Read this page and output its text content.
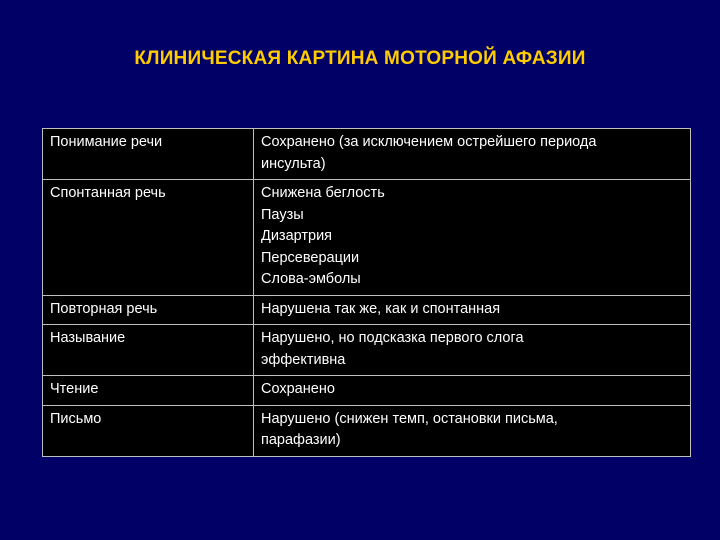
КЛИНИЧЕСКАЯ КАРТИНА МОТОРНОЙ АФАЗИИ
Понимание речи	Сохранено (за исключением острейшего периода
инсульта)

Спонтанная речь	Снижена беглость
Паузы
Дизартрия
Персеверации
Слова-эмболы

Повторная речь	Нарушена так же, как и спонтанная

Называние	Нарушено, но подсказка первого слога
эффективна

Чтение	Сохранено

Письмо	Нарушено (снижен темп, остановки письма,
парафазии)
